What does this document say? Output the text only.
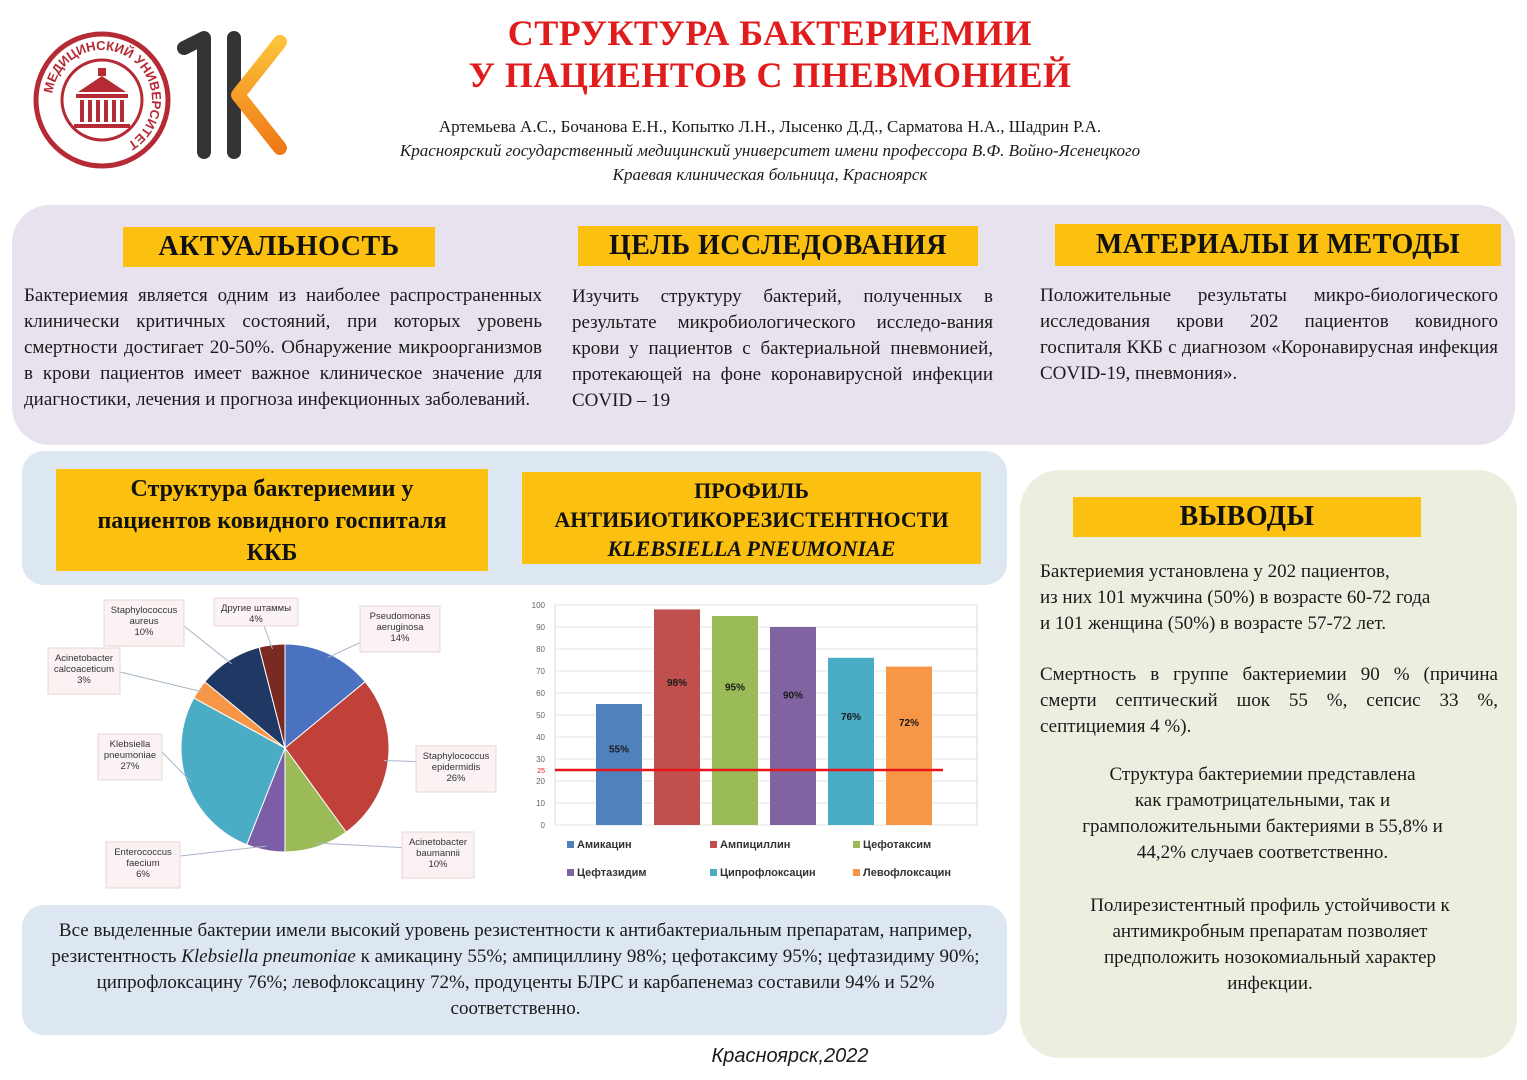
МЕДИЦИНСКИЙ УНИВЕРСИТЕТ
СТРУКТУРА БАКТЕРИЕМИИ
У ПАЦИЕНТОВ С ПНЕВМОНИЕЙ
Артемьева А.С., Бочанова Е.Н., Копытко Л.Н., Лысенко Д.Д., Сарматова Н.А., Шадрин Р.А.
Красноярский государственный медицинский университет имени профессора В.Ф. Войно-Ясенецкого
Краевая клиническая больница, Красноярск
АКТУАЛЬНОСТЬ
Бактериемия является одним из наиболее распространенных клинически критичных состояний, при которых уровень смертности достигает 20-50%. Обнаружение микроорганизмов в крови пациентов имеет важное клиническое значение для диагностики, лечения и прогноза инфекционных заболеваний.
ЦЕЛЬ ИССЛЕДОВАНИЯ
Изучить структуру бактерий, полученных в результате микробиологического исследо-вания крови у пациентов с бактериальной пневмонией, протекающей на фоне коронавирусной инфекции COVID – 19
МАТЕРИАЛЫ И МЕТОДЫ
Положительные результаты микро-биологического исследования крови 202 пациентов ковидного госпиталя ККБ с диагнозом «Коронавирусная инфекция COVID-19, пневмония».
Структура бактериемии у
пациентов ковидного госпиталя
ККБ
ПРОФИЛЬ
АНТИБИОТИКОРЕЗИСТЕНТНОСТИ
KLEBSIELLA PNEUMONIAE
Pseudomonas
aeruginosa
14%
Staphylococcus
epidermidis
26%
Acinetobacter
baumannii
10%
Enterococcus
faecium
6%
Klebsiella
pneumoniae
27%
Acinetobacter
calcoaceticum
3%
Staphylococcus
aureus
10%
Другие штаммы
4%
0
10
20
25
30
40
50
60
70
80
90
100
55%
98%	95%
90%
76%
72%
Амикацин	Ампициллин	Цефотаксим
Цефтазидим	Ципрофлоксацин	Левофлоксацин
Все выделенные бактерии имели высокий уровень резистентности к антибактериальным препаратам, например, резистентность Klebsiella pneumoniae к амикацину 55%; ампициллину 98%; цефотаксиму 95%; цефтазидиму 90%; ципрофлоксацину 76%; левофлоксацину 72%, продуценты БЛРС и карбапенемаз составили 94% и 52% соответственно.
ВЫВОДЫ
Бактериемия установлена у 202 пациентов,
из них 101 мужчина (50%) в возрасте 60-72 года
и 101 женщина (50%) в возрасте 57-72 лет.
Смертность в группе бактериемии 90 % (причина смерти септический шок 55 %, сепсис 33 %, септициемия 4 %).
Структура бактериемии представлена
как грамотрицательными, так и
грамположительными бактериями в 55,8% и
44,2% случаев соответственно.
Полирезистентный профиль устойчивости к
антимикробным препаратам позволяет
предположить нозокомиальный характер
инфекции.
Красноярск,2022
